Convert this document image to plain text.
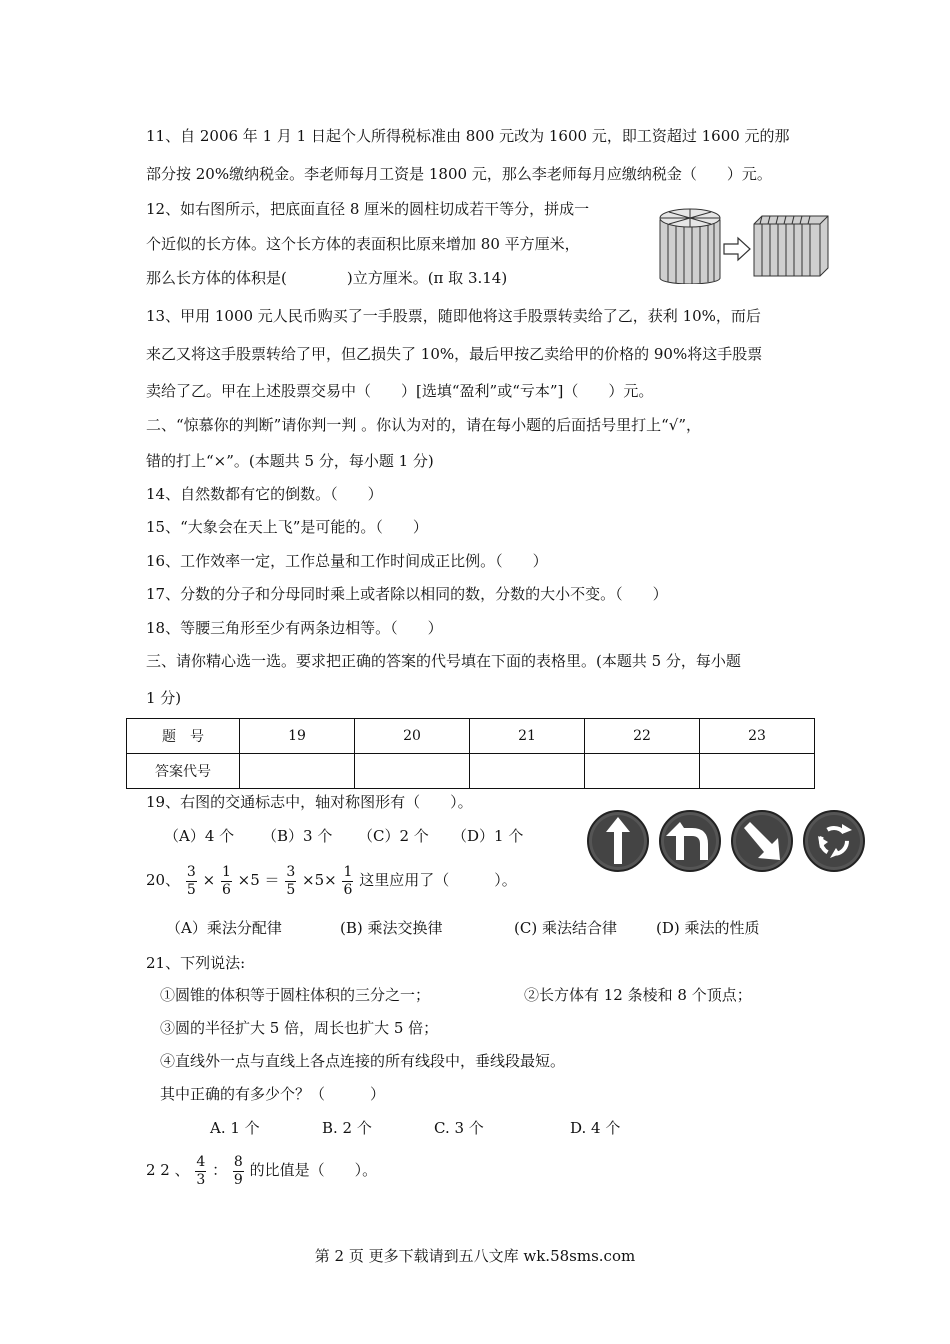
11、自 2006 年 1 月 1 日起个人所得税标准由 800 元改为 1600 元，即工资超过 1600 元的那
部分按 20%缴纳税金。李老师每月工资是 1800 元，那么李老师每月应缴纳税金（　　）元。
12、如右图所示，把底面直径 8 厘米的圆柱切成若干等分，拼成一
个近似的长方体。这个长方体的表面积比原来增加 80 平方厘米，
那么长方体的体积是(　　　　)立方厘米。(π 取 3.14)
13、甲用 1000 元人民币购买了一手股票，随即他将这手股票转卖给了乙，获利 10%，而后
来乙又将这手股票转给了甲，但乙损失了 10%，最后甲按乙卖给甲的价格的 90%将这手股票
卖给了乙。甲在上述股票交易中（　　）[选填“盈利”或“亏本”]（　　）元。
二、“惊慕你的判断”请你判一判 。你认为对的，请在每小题的后面括号里打上“√”，
错的打上“×”。(本题共 5 分，每小题 1 分)
14、自然数都有它的倒数。（　　）
15、“大象会在天上飞”是可能的。（　　）
16、工作效率一定，工作总量和工作时间成正比例。（　　）
17、分数的分子和分母同时乘上或者除以相同的数，分数的大小不变。（　　）
18、等腰三角形至少有两条边相等。（　　）
三、请你精心选一选。要求把正确的答案的代号填在下面的表格里。(本题共 5 分，每小题
1 分)
题　号	19	20	21	22	23
答案代号					
19、右图的交通标志中，轴对称图形有（　　）。
（A）4 个 （B）3 个 （C）2 个 （D）1 个
20、 $\frac{3}{5} \times \frac{1}{6} \times 5 = \frac{3}{5} \times 5\times \frac{1}{6}$ 这里应用了（　　　）。
（A）乘法分配律	(B) 乘法交换律	(C) 乘法结合律	(D) 乘法的性质
21、下列说法:
①圆锥的体积等于圆柱体积的三分之一；	②长方体有 12 条棱和 8 个顶点；
③圆的半径扩大 5 倍，周长也扩大 5 倍；
④直线外一点与直线上各点连接的所有线段中，垂线段最短。
其中正确的有多少个？（　　　）
A. 1 个	B. 2 个	C. 3 个	D. 4 个
2 2 、 $\frac{4}{3}$ ： $\frac{8}{9}$ 的比值是（　　）。
第 2 页 更多下载请到五八文库 wk.58sms.com
